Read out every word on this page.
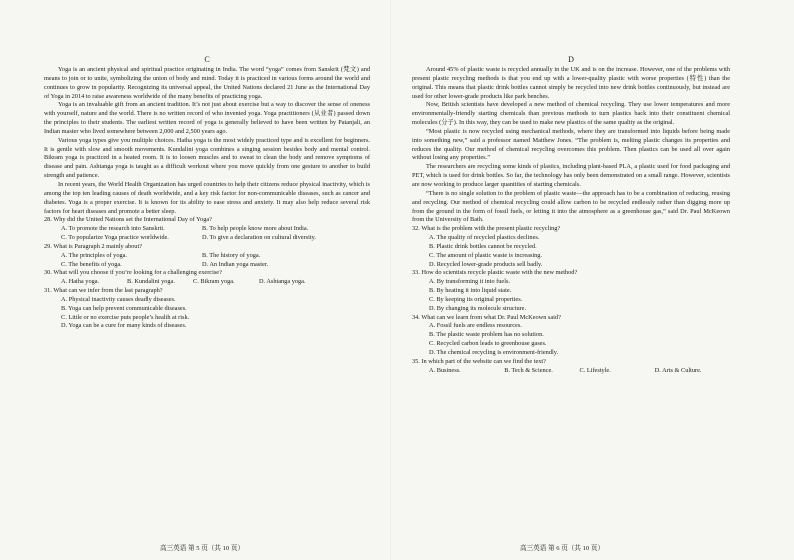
C

Yoga is an ancient physical and spiritual practice originating in India. The word “yoga” comes from Sanskrit (梵文) and means to join or to unite, symbolizing the union of body and mind. Today it is practiced in various forms around the world and continues to grow in popularity. Recognizing its universal appeal, the United Nations declared 21 June as the International Day of Yoga in 2014 to raise awareness worldwide of the many benefits of practicing yoga.

Yoga is an invaluable gift from an ancient tradition. It’s not just about exercise but a way to discover the sense of oneness with yourself, nature and the world. There is no written record of who invented yoga. Yoga practitioners (从业者) passed down the principles to their students. The earliest written record of yoga is generally believed to have been written by Patanjali, an Indian master who lived somewhere between 2,000 and 2,500 years ago.

Various yoga types give you multiple choices. Hatha yoga is the most widely practiced type and is excellent for beginners. It is gentle with slow and smooth movements. Kundalini yoga combines a singing session besides body and mental control. Bikram yoga is practiced in a heated room. It is to loosen muscles and to sweat to clean the body and remove symptoms of disease and pain. Ashtanga yoga is taught as a difficult workout where you move quickly from one gesture to another to build strength and patience.

In recent years, the World Health Organization has urged countries to help their citizens reduce physical inactivity, which is among the top ten leading causes of death worldwide, and a key risk factor for non-communicable diseases, such as cancer and diabetes. Yoga is a proper exercise. It is known for its ability to ease stress and anxiety. It may also help reduce several risk factors for heart diseases and promote a better sleep.

28. Why did the United Nations set the International Day of Yoga?

A. To promote the research into Sanskrit.	B. To help people know more about India.
C. To popularize Yoga practice worldwide.	D. To give a declaration on cultural diversity.

29. What is Paragraph 2 mainly about?

A. The principles of yoga.	B. The history of yoga.
C. The benefits of yoga.	D. An Indian yoga master.

30. What will you choose if you’re looking for a challenging exercise?

A. Hatha yoga.	B. Kundalini yoga.	C. Bikram yoga.	D. Ashtanga yoga.

31. What can we infer from the last paragraph?

A. Physical inactivity causes deadly diseases.
B. Yoga can help prevent communicable diseases.
C. Little or no exercise puts people’s health at risk.
D. Yoga can be a cure for many kinds of diseases.

D

Around 45% of plastic waste is recycled annually in the UK and is on the increase. However, one of the problems with present plastic recycling methods is that you end up with a lower-quality plastic with worse properties (特性) than the original. This means that plastic drink bottles cannot simply be recycled into new drink bottles continuously, but instead are used for other lower-grade products like park benches.

Now, British scientists have developed a new method of chemical recycling. They use lower temperatures and more environmentally-friendly starting chemicals than previous methods to turn plastics back into their constituent chemical molecules (分子). In this way, they can be used to make new plastics of the same quality as the original.

“Most plastic is now recycled using mechanical methods, where they are transformed into liquids before being made into something new,” said a professor named Matthew Jones. “The problem is, melting plastic changes its properties and reduces the quality. Our method of chemical recycling overcomes this problem. Then plastics can be used all over again without losing any properties.”

The researchers are recycling some kinds of plastics, including plant-based PLA, a plastic used for food packaging and PET, which is used for drink bottles. So far, the technology has only been demonstrated on a small range. However, scientists are now working to produce larger quantities of starting chemicals.

“There is no single solution to the problem of plastic waste—the approach has to be a combination of reducing, reusing and recycling. Our method of chemical recycling could allow carbon to be recycled endlessly rather than digging more up from the ground in the form of fossil fuels, or letting it into the atmosphere as a greenhouse gas,” said Dr. Paul McKeown from the University of Bath.

32. What is the problem with the present plastic recycling?

A. The quality of recycled plastics declines.
B. Plastic drink bottles cannot be recycled.
C. The amount of plastic waste is increasing.
D. Recycled lower-grade products sell badly.

33. How do scientists recycle plastic waste with the new method?

A. By transforming it into fuels.
B. By heating it into liquid state.
C. By keeping its original properties.
D. By changing its molecule structure.

34. What can we learn from what Dr. Paul McKeown said?

A. Fossil fuels are endless resources.
B. The plastic waste problem has no solution.
C. Recycled carbon leads to greenhouse gases.
D. The chemical recycling is environment-friendly.

35. In which part of the website can we find the text?

A. Business.	B. Tech & Science.	C. Lifestyle.	D. Arts & Culture.
高三英语 第 5 页（共 10 页）	高三英语 第 6 页（共 10 页）
